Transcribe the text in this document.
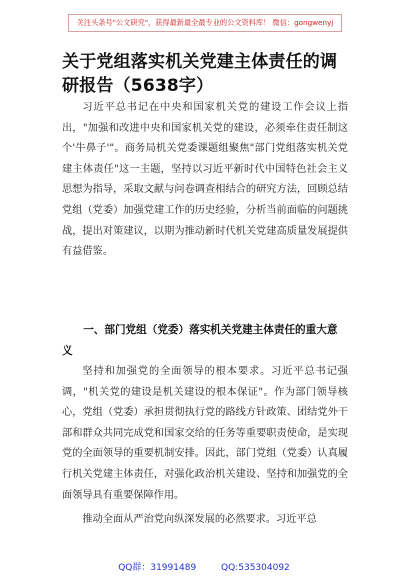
关注头条号"公文研究"，获得最新最全最专业的公文资料库！ 微信：gongwenyj
关于党组落实机关党建主体责任的调研报告（5638字）

习近平总书记在中央和国家机关党的建设工作会议上指出，"加强和改进中央和国家机关党的建设，必须牵住责任制这个'牛鼻子'"。商务局机关党委课题组聚焦"部门党组落实机关党建主体责任"这一主题，坚持以习近平新时代中国特色社会主义思想为指导，采取文献与问卷调查相结合的研究方法，回顾总结党组（党委）加强党建工作的历史经验，分析当前面临的问题挑战，提出对策建议，以期为推动新时代机关党建高质量发展提供有益借鉴。

一、部门党组（党委）落实机关党建主体责任的重大意义

坚持和加强党的全面领导的根本要求。习近平总书记强调，"机关党的建设是机关建设的根本保证"。作为部门领导核心，党组（党委）承担贯彻执行党的路线方针政策、团结党外干部和群众共同完成党和国家交给的任务等重要职责使命，是实现党的全面领导的重要机制安排。因此，部门党组（党委）认真履行机关党建主体责任，对强化政治机关建设、坚持和加强党的全面领导具有重要保障作用。

推动全面从严治党向纵深发展的必然要求。习近平总

QQ群：31991489	QQ:535304092
